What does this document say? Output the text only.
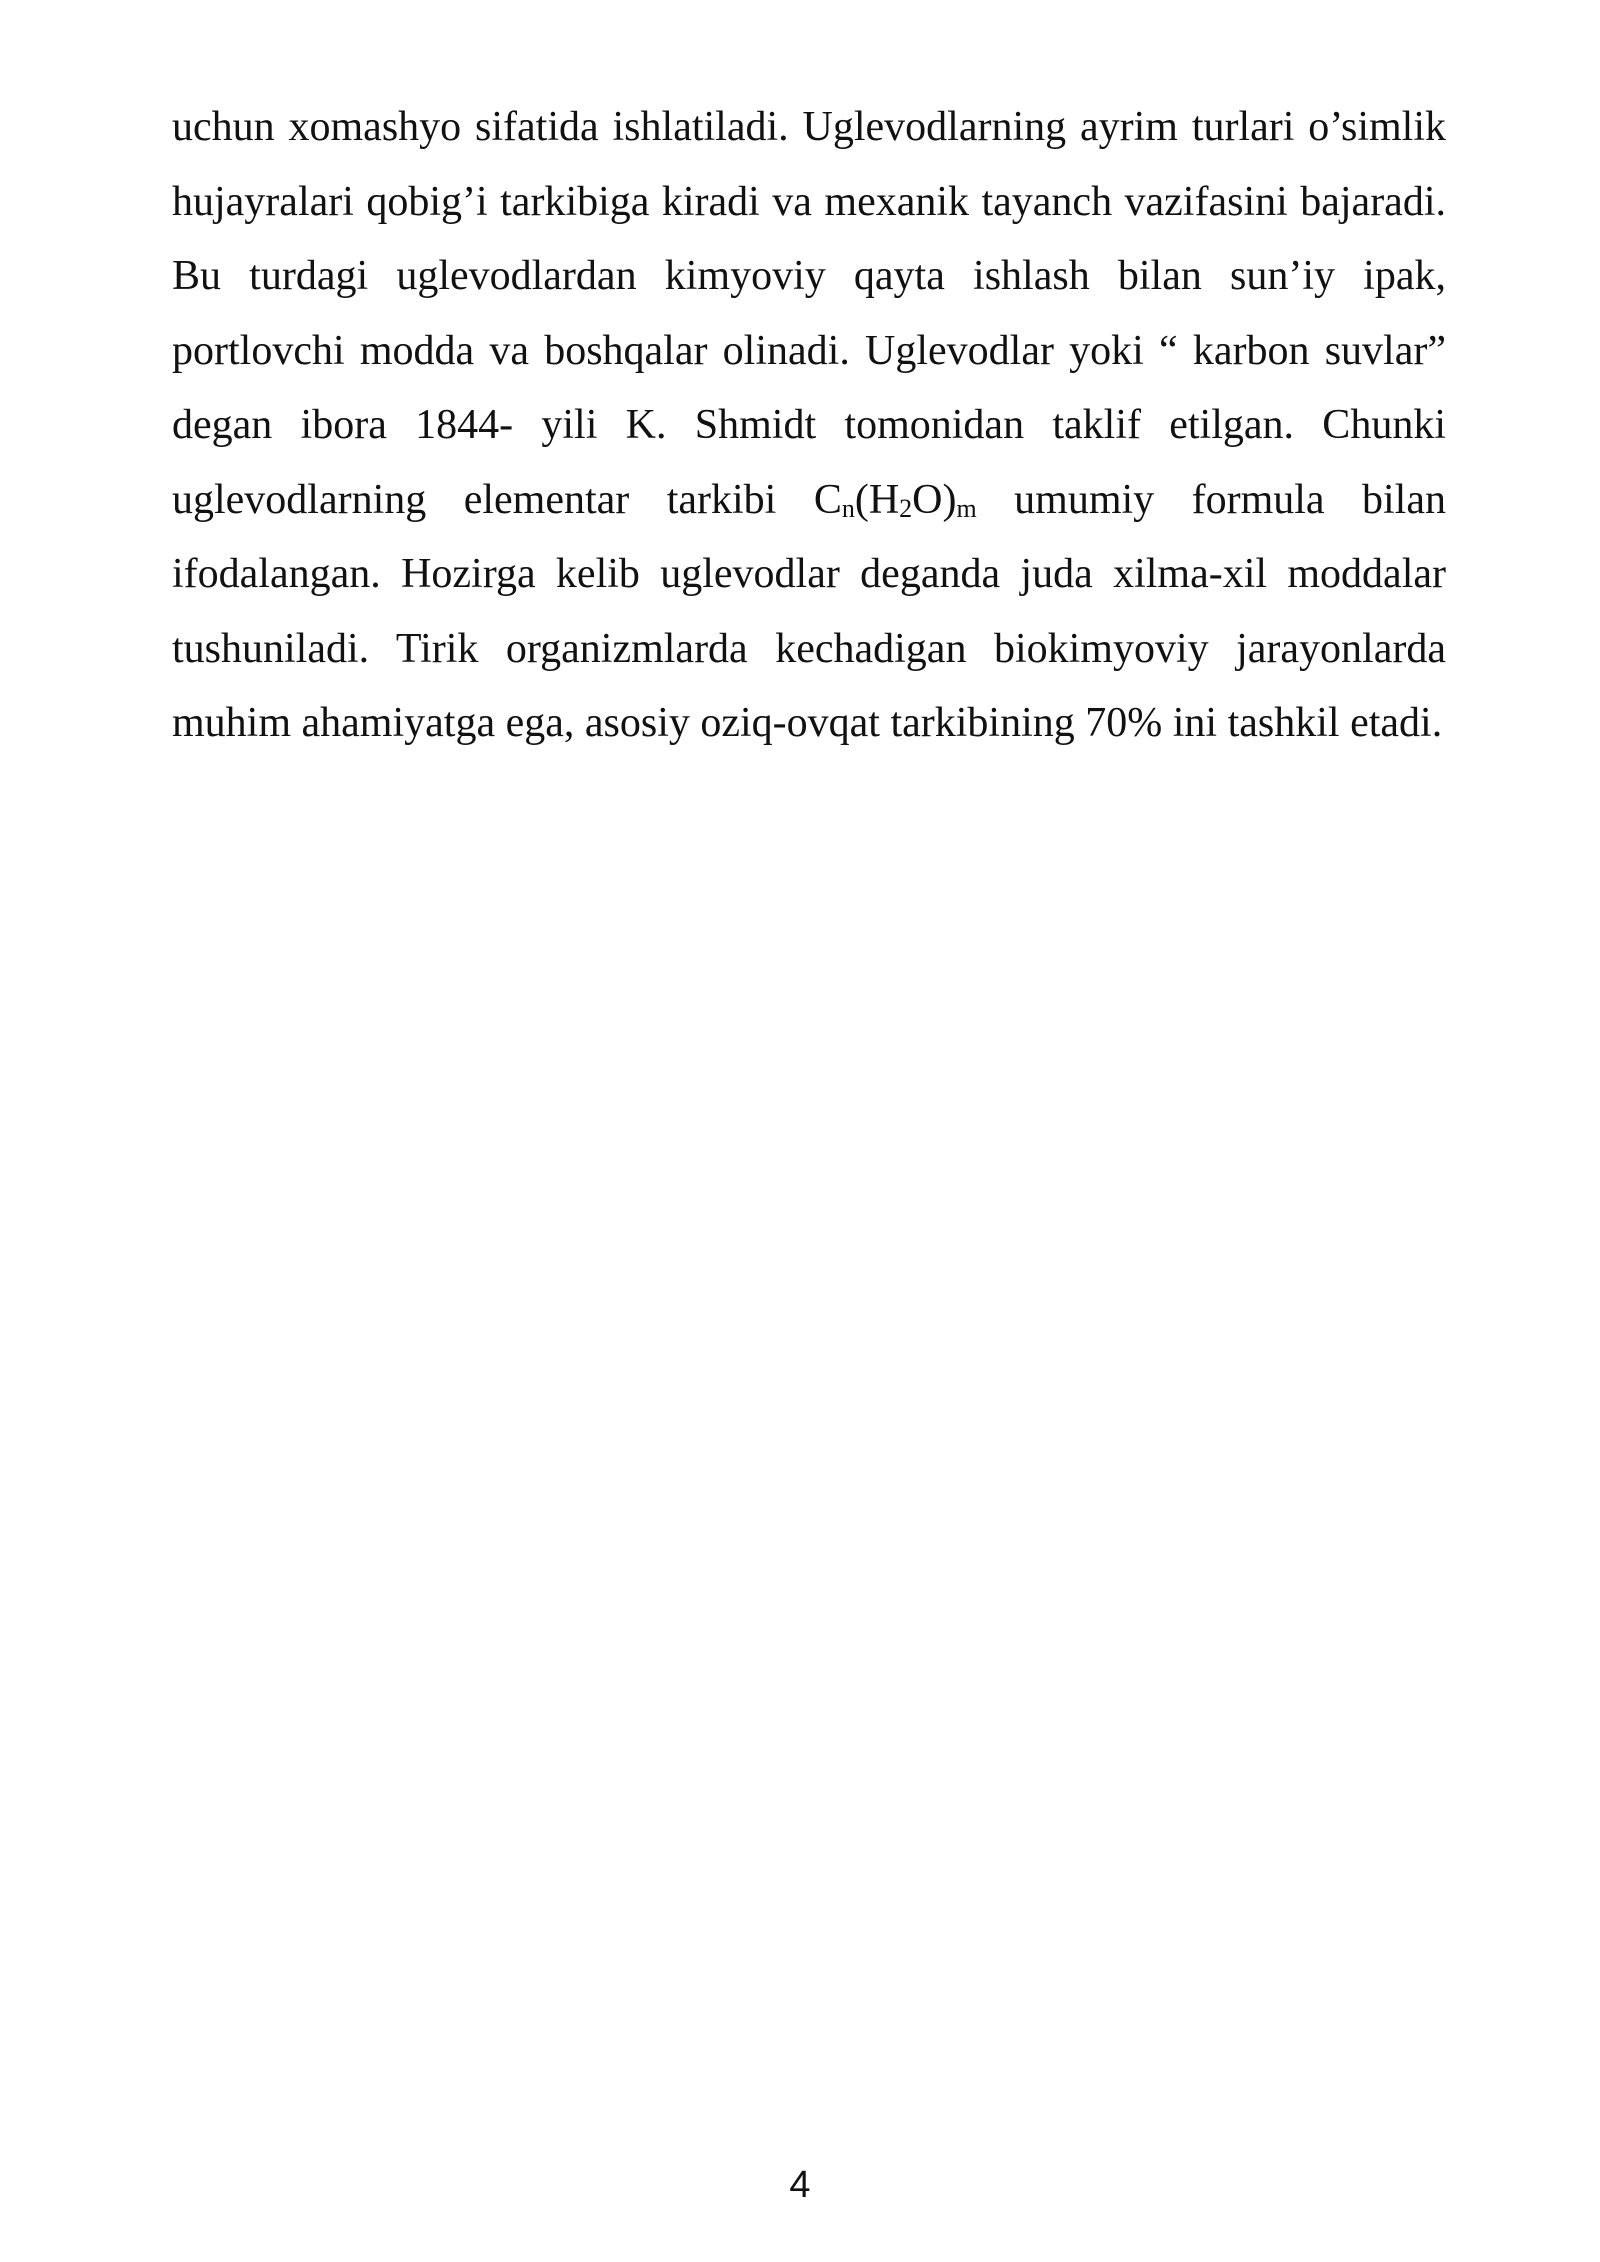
uchun xomashyo sifatida ishlatiladi. Uglevodlarning ayrim turlari o’simlik hujayralari qobig’i tarkibiga kiradi va mexanik tayanch vazifasini bajaradi. Bu turdagi uglevodlardan kimyoviy qayta ishlash bilan sun’iy ipak, portlovchi modda va boshqalar olinadi. Uglevodlar yoki “ karbon suvlar” degan ibora 1844- yili K. Shmidt tomonidan taklif etilgan. Chunki uglevodlarning elementar tarkibi $C_n(H_2O)_m$ umumiy formula bilan ifodalangan. Hozirga kelib uglevodlar deganda juda xilma-xil moddalar tushuniladi. Tirik organizmlarda kechadigan biokimyoviy jarayonlarda muhim ahamiyatga ega, asosiy oziq-ovqat tarkibining 70% ini tashkil etadi.

4
